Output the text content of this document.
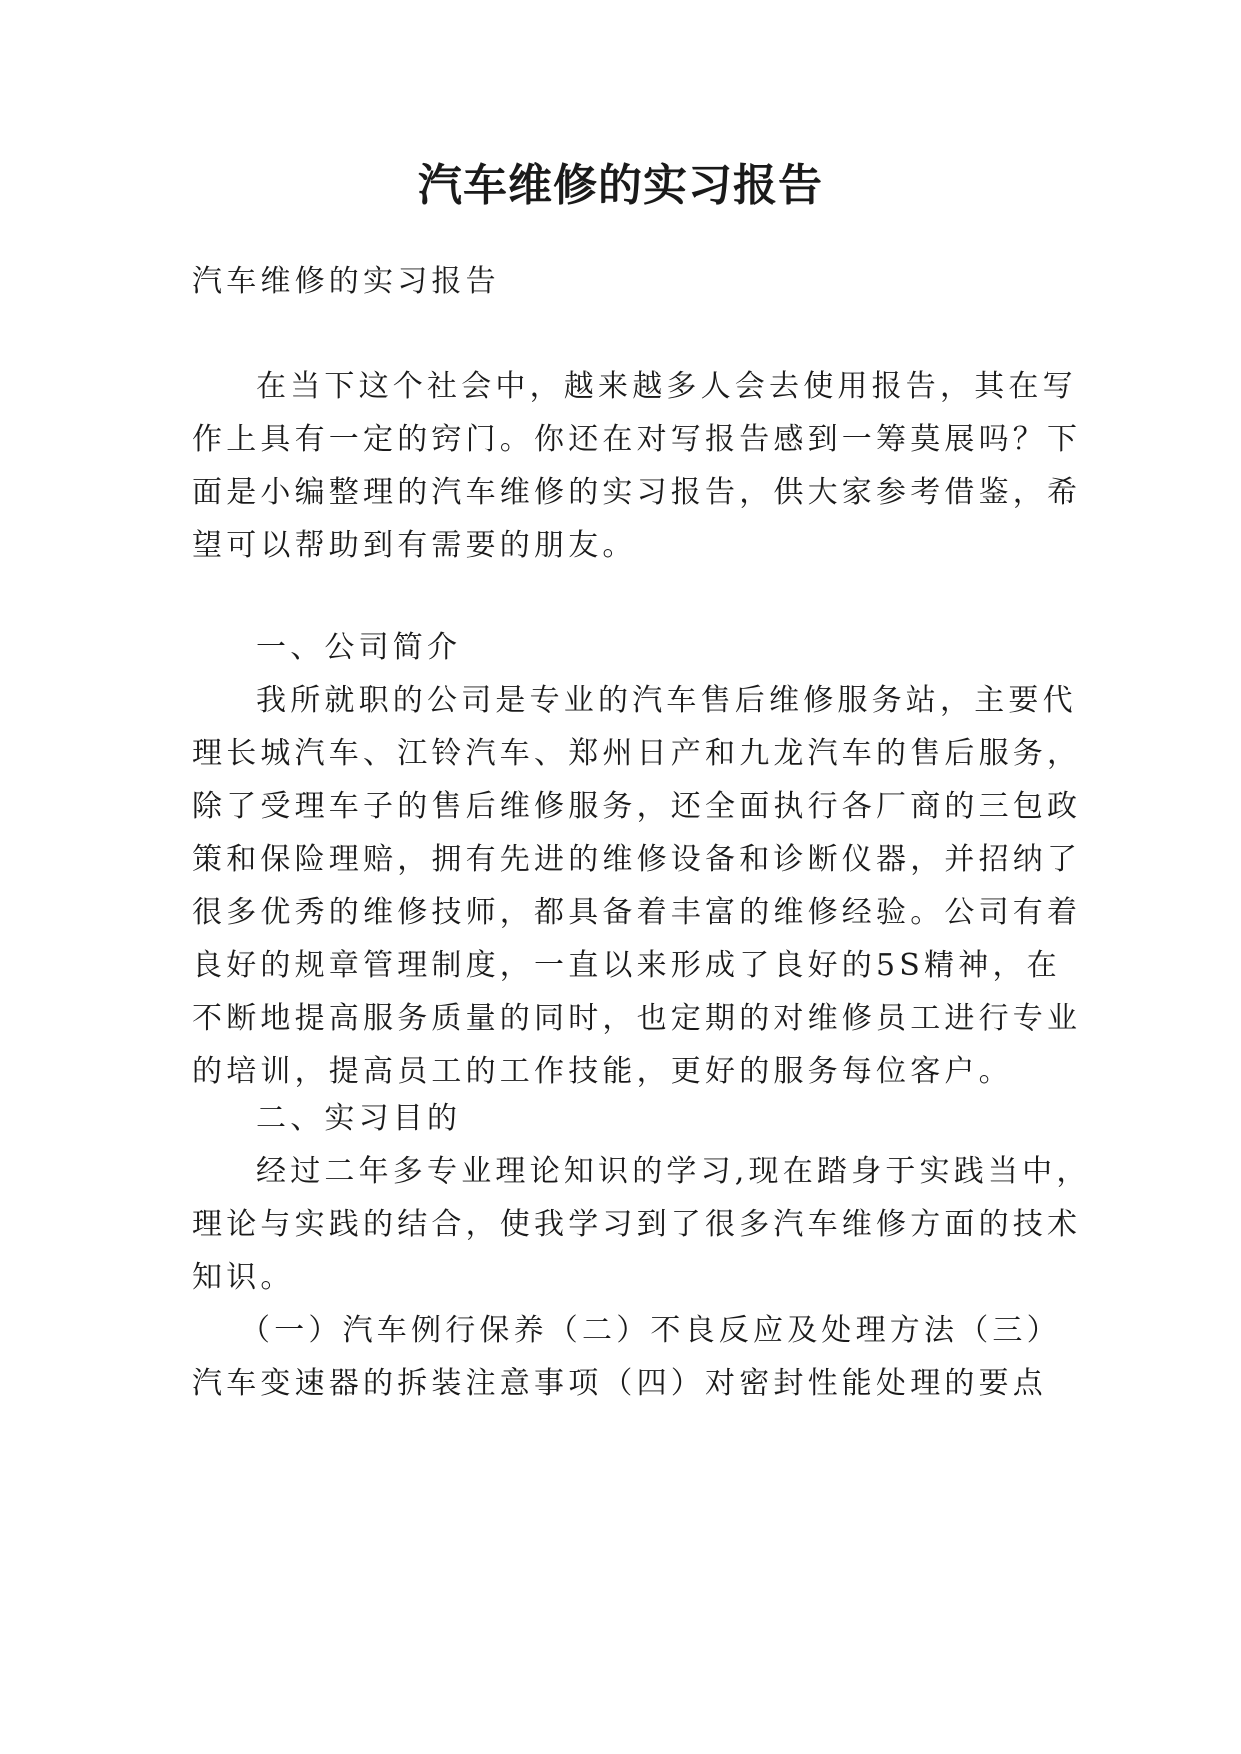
汽车维修的实习报告

汽车维修的实习报告

在当下这个社会中，越来越多人会去使用报告，其在写

作上具有一定的窍门。你还在对写报告感到一筹莫展吗？下

面是小编整理的汽车维修的实习报告，供大家参考借鉴，希

望可以帮助到有需要的朋友。

一、公司简介

我所就职的公司是专业的汽车售后维修服务站，主要代

理长城汽车、江铃汽车、郑州日产和九龙汽车的售后服务，

除了受理车子的售后维修服务，还全面执行各厂商的三包政

策和保险理赔，拥有先进的维修设备和诊断仪器，并招纳了

很多优秀的维修技师，都具备着丰富的维修经验。公司有着

良好的规章管理制度，一直以来形成了良好的5S精神，在

不断地提高服务质量的同时，也定期的对维修员工进行专业

的培训，提高员工的工作技能，更好的服务每位客户。

二、实习目的

经过二年多专业理论知识的学习,现在踏身于实践当中，

理论与实践的结合，使我学习到了很多汽车维修方面的技术

知识。

（一）汽车例行保养（二）不良反应及处理方法（三）

汽车变速器的拆装注意事项（四）对密封性能处理的要点
